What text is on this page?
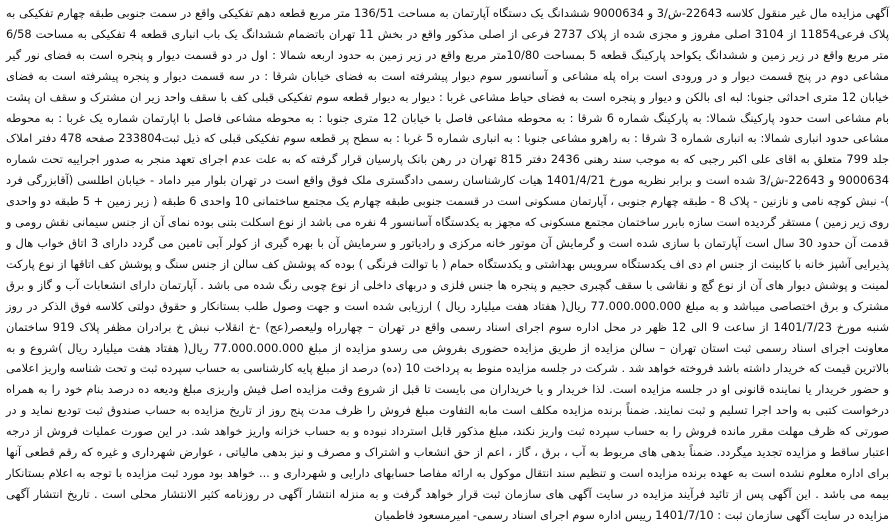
آگهی مزایده مال غیر منقول کلاسه 22643-ش/3 و 9000634 ششدانگ یک دستگاه آپارتمان به مساحت 136/51 متر مربع قطعه دهم تفکیکی واقع در سمت جنوبی طبقه چهارم تفکیکی به پلاک فرعی11854 از 3104 اصلی مفروز و مجزی شده از پلاک 2737 فرعی از اصلی مذکور واقع در بخش 11 تهران باتضمام ششدانگ یک باب انباری قطعه 4 تفکیکی به مساحت 6/58 متر مربع واقع در زیر زمین و ششدانگ یکواحد پارکینگ قطعه 5 بمساحت 10/80متر مربع واقع در زیر زمین به حدود اربعه شمالا : اول در دو قسمت دیوار و پنجره است به فضای نور گیر مشاعی دوم در پنج قسمت دیوار و در ورودی است براه پله مشاعی و آسانسور سوم دیوار پیشرفته است به فضای خیابان شرقا : در سه قسمت دیوار و پنجره پیشرفته است به فضای خیابان 12 متری احداثی جنوبا: لبه ای بالکن و دیوار و پنجره است به فضای حیاط مشاعی غربا : دیوار به دیوار قطعه سوم تفکیکی قبلی کف با سقف واحد زیر ان مشترک و سقف ان پشت بام مشاعی است حدود پارکینگ شمالا: به پارکینگ شماره 6 شرقا : به محوطه مشاعی فاصل با خیابان 12 متری جنوبا : به محوطه مشاعی فاصل با اپارتمان شماره یک غربا : به محوطه مشاعی حدود انباری شمالا: به انباری شماره 3 شرقا : به راهرو مشاعی جنوبا : به انباری شماره 5 غربا : به سطح پر قطعه سوم تفکیکی قبلی که ذیل ثبت233804 صفحه 478 دفتر املاک جلد 799 متعلق به اقای علی اکبر رجبی که به موجب سند رهنی 2436 دفتر 815 تهران در رهن بانک پارسیان قرار گرفته که به علت عدم اجرای تعهد منجر به صدور اجراییه تحت شماره 9000634 و 22643-ش/3 شده است و برابر نظریه مورخ 1401/4/21 هیات کارشناسان رسمی دادگستری ملک فوق واقع است در تهران بلوار میر داماد - خیابان اطلسی (آقابزرگی فرد )- نبش کوچه نامی و نازنین - پلاک 8 - طبقه چهارم جنوبی ، آپارتمان مسکونی است در قسمت جنوبی طبقه چهارم یک مجتمع ساختمانی 10 واحدی 6 طبقه ( زیر زمین + 5 طبقه دو واحدی روی زیر زمین ) مستقر گردیده است سازه بابرر ساختمان مجتمع مسکونی که مجهز به یکدستگاه آسانسور 4 نفره می باشد از نوع اسکلت بتنی بوده نمای آن از جنس سیمانی نقش رومی و قدمت آن حدود 30 سال است آپارتمان با سازی شده است و گرمایش آن موتور خانه مرکزی و رادیاتور و سرمایش آن با بهره گیری از کولر آبی تامین می گردد دارای 3 اتاق خواب هال و پذیرایی آشپز خانه با کابینت از جنس ام دی اف یکدستگاه سرویس بهداشتی و یکدستگاه حمام ( با توالت فرنگی ) بوده که پوشش کف سالن از جنس سنگ و پوشش کف اتاقها از نوع پارکت لمینت و پوشش دیوار های آن از نوع گچ و نقاشی با سقف گچبری حجیم و پنجره ها جنس فلزی و دربهای داخلی از نوع چوبی رنگ شده می باشد . آپارتمان دارای انشعابات آب و گاز و برق مشترک و برق اختصاصی میباشد و به مبلغ 77.000.000.000 ریال( هفتاد هفت میلیارد ریال ) ارزیابی شده است و جهت وصول طلب بستانکار و حقوق دولتی کلاسه فوق الذکر در روز شنبه مورخ 1401/7/23 از ساعت 9 الی 12 ظهر در محل اداره سوم اجرای اسناد رسمی واقع در تهران – چهارراه ولیعصر(عج) -خ انقلاب نبش خ برادران مظفر پلاک 919 ساختمان معاونت اجرای اسناد رسمی ثبت استان تهران – سالن مزایده از طریق مزایده حضوری بفروش می رسدو مزایده از مبلغ 77.000.000.000 ریال( هفتاد هفت میلیارد ریال )شروع و به بالاترین قیمت که خریدار داشته باشد فروخته خواهد شد . شرکت در جلسه مزایده منوط به پرداخت 10 (ده) درصد از مبلغ پایه کارشناسی به حساب سپرده ثبت و تحت شناسه واریز اعلامی و حضور خریدار یا نماینده قانونی او در جلسه مزایده است. لذا خریدار و یا خریداران می بایست تا قبل از شروع وقت مزایده اصل فیش واریزی مبلغ ودیعه ده درصد بنام خود را به همراه درخواست کتبی به واحد اجرا تسلیم و ثبت نمایند. ضمناً برنده مزایده مکلف است مابه التفاوت مبلغ فروش را ظرف مدت پنج روز از تاریخ مزایده به حساب صندوق ثبت تودیع نماید و در صورتی که ظرف مهلت مقرر مانده فروش را به حساب سپرده ثبت واریز نکند، مبلغ مذکور قابل استرداد نبوده و به حساب خزانه واریز خواهد شد. در این صورت عملیات فروش از درجه اعتبار ساقط و مزایده تجدید میگردد. ضمناً بدهی های مربوط به آب ، برق ، گاز ، اعم از حق انشعاب و اشتراک و مصرف و نیز بدهی مالیاتی ، عوارض شهرداری و غیره که رقم قطعی آنها برای اداره معلوم نشده است به عهده برنده مزایده است و تنظیم سند انتقال موکول به ارائه مفاصا حسابهای دارایی و شهرداری و ... خواهد بود مورد ثبت مزایده با توجه به اعلام بستانکار بیمه می باشد . این آگهی پس از تائید فرآیند مزایده در سایت آگهی های سازمان ثبت قرار خواهد گرفت و به منزله انتشار آگهی در روزنامه کثیر الانتشار محلی است . تاریخ انتشار آگهی مزایده در سایت آگهی سازمان ثبت : 1401/7/10 رییس اداره سوم اجرای اسناد رسمی- امیرمسعود فاطمیان
